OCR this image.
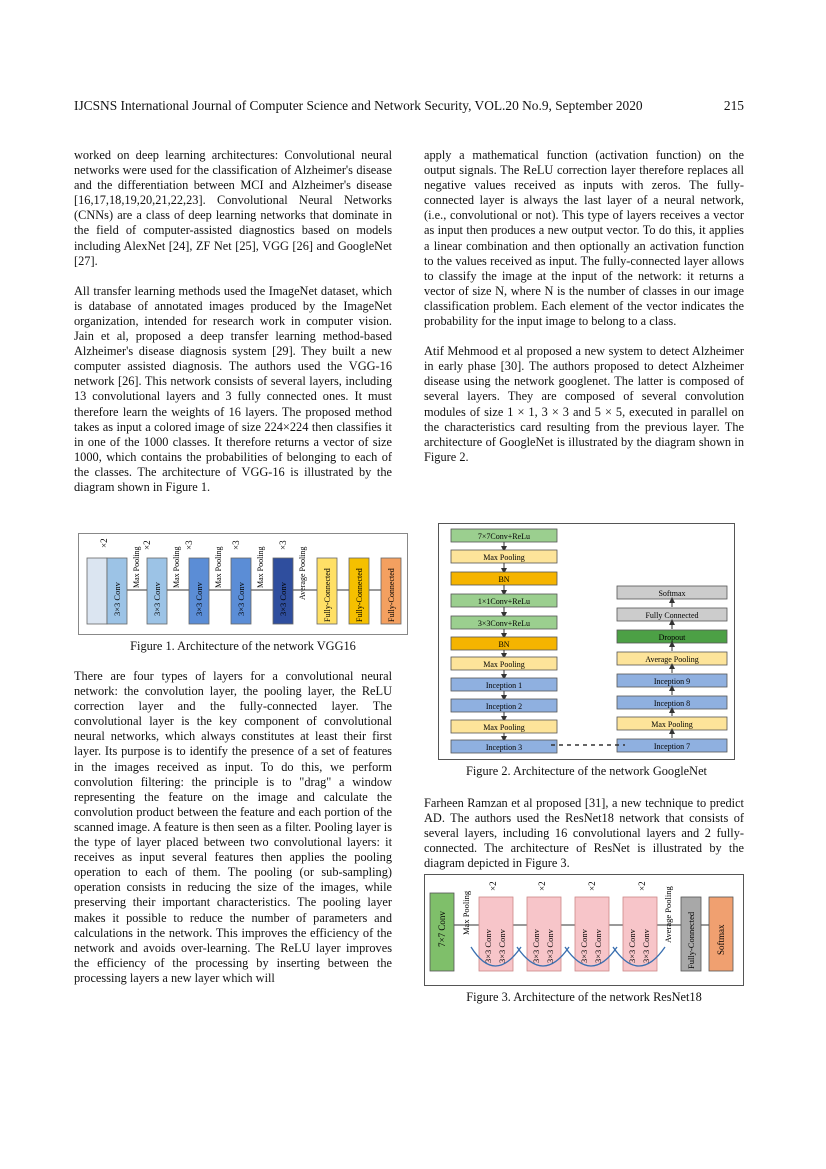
IJCSNS International Journal of Computer Science and Network Security, VOL.20 No.9, September 2020	215

worked on deep learning architectures: Convolutional neural networks were used for the classification of Alzheimer's disease and the differentiation between MCI and Alzheimer's disease [16,17,18,19,20,21,22,23]. Convolutional Neural Networks (CNNs) are a class of deep learning networks that dominate in the field of computer-assisted diagnostics based on models including AlexNet [24], ZF Net [25], VGG [26] and GoogleNet [27].

All transfer learning methods used the ImageNet dataset, which is database of annotated images produced by the ImageNet organization, intended for research work in computer vision. Jain et al, proposed a deep transfer learning method-based Alzheimer's disease diagnosis system [29]. They built a new computer assisted diagnosis. The authors used the VGG-16 network [26]. This network consists of several layers, including 13 convolutional layers and 3 fully connected ones. It must therefore learn the weights of 16 layers. The proposed method takes as input a colored image of size 224×224 then classifies it in one of the 1000 classes. It therefore returns a vector of size 1000, which contains the probabilities of belonging to each of the classes. The architecture of VGG-16 is illustrated by the diagram shown in Figure 1.

×2
3×3 Conv
Max Pooling
×2
3×3 Conv
Max Pooling
×3
3×3 Conv
Max Pooling
×3
3×3 Conv
Max Pooling
×3
3×3 Conv Average Pooling Fully-Connected	Fully-Connected	Fully-Connected
Figure 1. Architecture of the network VGG16

There are four types of layers for a convolutional neural network: the convolution layer, the pooling layer, the ReLU correction layer and the fully-connected layer. The convolutional layer is the key component of convolutional neural networks, which always constitutes at least their first layer. Its purpose is to identify the presence of a set of features in the images received as input. To do this, we perform convolution filtering: the principle is to "drag" a window representing the feature on the image and calculate the convolution product between the feature and each portion of the scanned image. A feature is then seen as a filter. Pooling layer is the type of layer placed between two convolutional layers: it receives as input several features then applies the pooling operation to each of them. The pooling (or sub-sampling) operation consists in reducing the size of the images, while preserving their important characteristics. The pooling layer makes it possible to reduce the number of parameters and calculations in the network. This improves the efficiency of the network and avoids over-learning. The ReLU layer improves the efficiency of the processing by inserting between the processing layers a new layer which will

apply a mathematical function (activation function) on the output signals. The ReLU correction layer therefore replaces all negative values received as inputs with zeros. The fully-connected layer is always the last layer of a neural network, (i.e., convolutional or not). This type of layers receives a vector as input then produces a new output vector. To do this, it applies a linear combination and then optionally an activation function to the values received as input. The fully-connected layer allows to classify the image at the input of the network: it returns a vector of size N, where N is the number of classes in our image classification problem. Each element of the vector indicates the probability for the input image to belong to a class.

Atif Mehmood et al proposed a new system to detect Alzheimer in early phase [30]. The authors proposed to detect Alzheimer disease using the network googlenet. The latter is composed of several layers. They are composed of several convolution modules of size 1 × 1, 3 × 3 and 5 × 5, executed in parallel on the characteristics card resulting from the previous layer. The architecture of GoogleNet is illustrated by the diagram shown in Figure 2.

7×7Conv+ReLu
Max Pooling
BN
1×1Conv+ReLu
3×3Conv+ReLu
BN
Max Pooling
Inception 1
Inception 2
Max Pooling
Inception 3
Softmax
Fully Connected
Dropout
Average Pooling
Inception 9
Inception 8
Max Pooling
Inception 7
Figure 2. Architecture of the network GoogleNet

Farheen Ramzan et al proposed [31], a new technique to predict AD. The authors used the ResNet18 network that consists of several layers, including 16 convolutional layers and 2 fully-connected. The architecture of ResNet is illustrated by the diagram depicted in Figure 3.

7×7 Conv Max Pooling
×2
3×3 Conv 3×3 Conv
×2
3×3 Conv 3×3 Conv
×2
3×3 Conv 3×3 Conv
×2
3×3 Conv 3×3 Conv
Average Pooling Fully-Connected Softmax
Figure 3. Architecture of the network ResNet18
